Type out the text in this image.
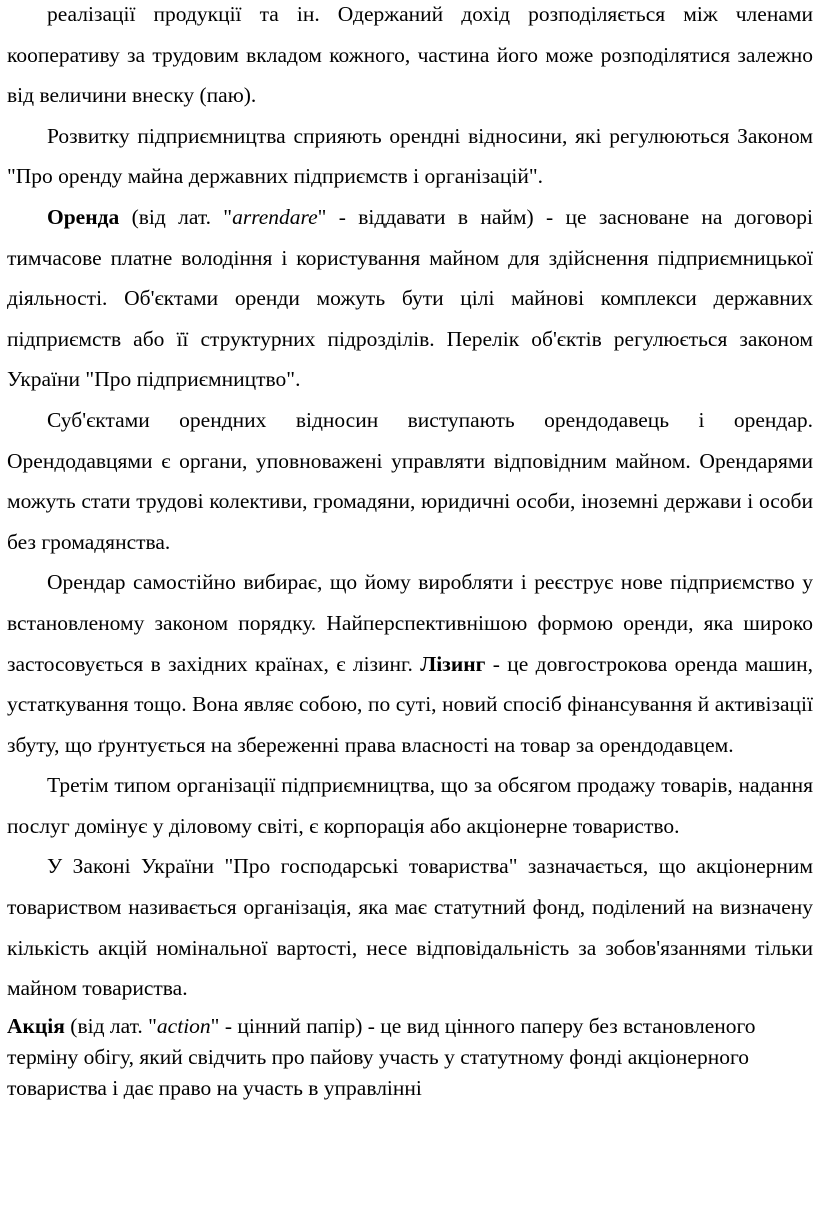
реалізації продукції та ін. Одержаний дохід розподіляється між членами кооперативу за трудовим вкладом кожного, частина його може розподілятися залежно від величини внеску (паю).

Розвитку підприємництва сприяють орендні відносини, які регулюються Законом "Про оренду майна державних підприємств і організацій".

Оренда (від лат. "arrendare" - віддавати в найм) - це засноване на договорі тимчасове платне володіння і користування майном для здійснення підприємницької діяльності. Об'єктами оренди можуть бути цілі майнові комплекси державних підприємств або її структурних підрозділів. Перелік об'єктів регулюється законом України "Про підприємництво".

Суб'єктами орендних відносин виступають орендодавець і орендар. Орендодавцями є органи, уповноважені управляти відповідним майном. Орендарями можуть стати трудові колективи, громадяни, юридичні особи, іноземні держави і особи без громадянства.

Орендар самостійно вибирає, що йому виробляти і реєструє нове підприємство у встановленому законом порядку. Найперспективнішою формою оренди, яка широко застосовується в західних країнах, є лізинг. Лізинг - це довгострокова оренда машин, устаткування тощо. Вона являє собою, по суті, новий спосіб фінансування й активізації збуту, що ґрунтується на збереженні права власності на товар за орендодавцем.

Третім типом організації підприємництва, що за обсягом продажу товарів, надання послуг домінує у діловому світі, є корпорація або акціонерне товариство.

У Законі України "Про господарські товариства" зазначається, що акціонерним товариством називається організація, яка має статутний фонд, поділений на визначену кількість акцій номінальної вартості, несе відповідальність за зобов'язаннями тільки майном товариства.

Акція (від лат. "action" - цінний папір) - це вид цінного паперу без встановленого терміну обігу, який свідчить про пайову участь у статутному фонді акціонерного товариства і дає право на участь в управлінні
